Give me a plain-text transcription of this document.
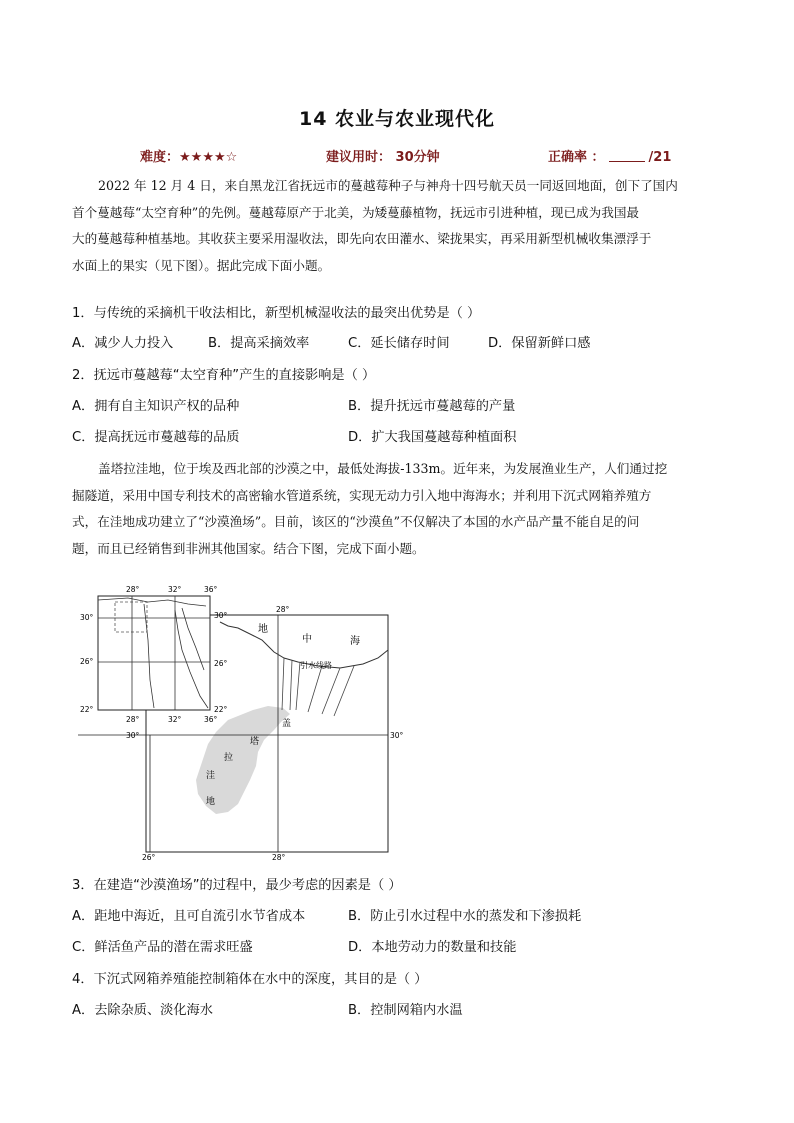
14 农业与农业现代化
难度：★★★★☆	建议用时： 30分钟	正确率 ：	/21
2022 年 12 月 4 日，来自黑龙江省抚远市的蔓越莓种子与神舟十四号航天员一同返回地面，创下了国内
首个蔓越莓“太空育种”的先例。蔓越莓原产于北美，为矮蔓藤植物，抚远市引进种植，现已成为我国最
大的蔓越莓种植基地。其收获主要采用湿收法，即先向农田灌水、梁拢果实，再采用新型机械收集漂浮于
水面上的果实（见下图）。据此完成下面小题。
1．与传统的采摘机干收法相比，新型机械湿收法的最突出优势是（ ）
A．减少人力投入	B．提高采摘效率	C．延长储存时间	D．保留新鲜口感
2．抚远市蔓越莓“太空育种”产生的直接影响是（ ）
A．拥有自主知识产权的品种	B．提升抚远市蔓越莓的产量
C．提高抚远市蔓越莓的品质	D．扩大我国蔓越莓种植面积
盖塔拉洼地，位于埃及西北部的沙漠之中，最低处海拔-133m。近年来，为发展渔业生产，人们通过挖
掘隧道，采用中国专利技术的高密输水管道系统，实现无动力引入地中海海水；并利用下沉式网箱养殖方
式，在洼地成功建立了“沙漠渔场”。目前，该区的“沙漠鱼”不仅解决了本国的水产品产量不能自足的问
题，而且已经销售到非洲其他国家。结合下图，完成下面小题。
28°	32°	36°
30°
26°
22°
30°
26°
22°
28°	32°	36°
28°
30°	30°
26°	28°
地
中	海
引水线路
盖
塔
拉
洼
地
3．在建造“沙漠渔场”的过程中，最少考虑的因素是（ ）
A．距地中海近，且可自流引水节省成本	B．防止引水过程中水的蒸发和下渗损耗
C．鲜活鱼产品的潜在需求旺盛	D．本地劳动力的数量和技能
4．下沉式网箱养殖能控制箱体在水中的深度，其目的是（ ）
A．去除杂质、淡化海水	B．控制网箱内水温
